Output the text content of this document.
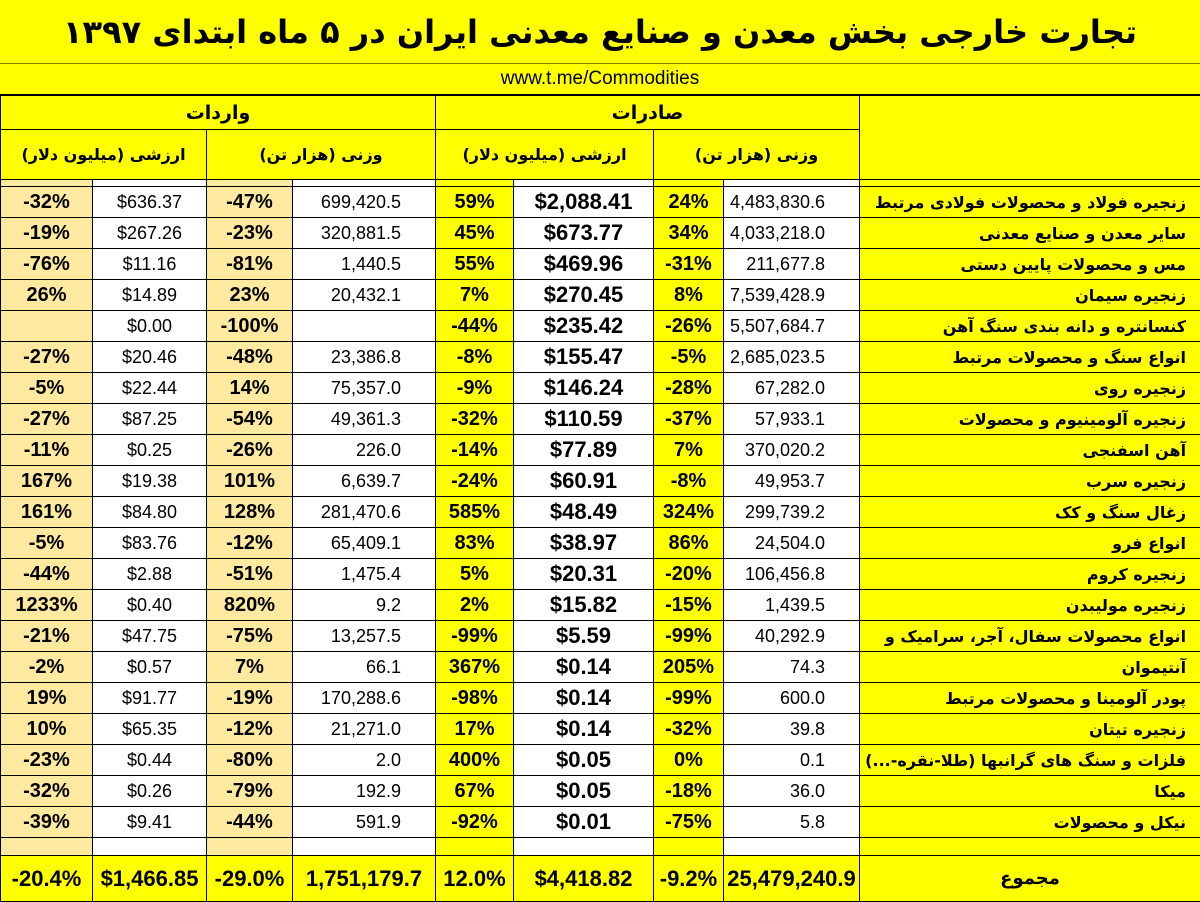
تجارت خارجی بخش معدن و صنایع معدنی ایران در ۵ ماه ابتدای ۱۳۹۷
www.t.me/Commodities
واردات				صادرات				
ارزشی (میلیون دلار)		وزنی (هزار تن)		ارزشی (میلیون دلار)		وزنی (هزار تن)		

-32%	$636.37	-47%	699,420.5	59%	$2,088.41	24%	4,483,830.6	زنجیره فولاد و محصولات فولادی مرتبط
-19%	$267.26	-23%	320,881.5	45%	$673.77	34%	4,033,218.0	سایر معدن و صنایع معدنی
-76%	$11.16	-81%	1,440.5	55%	$469.96	-31%	211,677.8	مس و محصولات پایین دستی
26%	$14.89	23%	20,432.1	7%	$270.45	8%	7,539,428.9	زنجیره سیمان
	$0.00	-100%		-44%	$235.42	-26%	5,507,684.7	کنسانتره و دانه بندی سنگ آهن
-27%	$20.46	-48%	23,386.8	-8%	$155.47	-5%	2,685,023.5	انواع سنگ و محصولات مرتبط
-5%	$22.44	14%	75,357.0	-9%	$146.24	-28%	67,282.0	زنجیره روی
-27%	$87.25	-54%	49,361.3	-32%	$110.59	-37%	57,933.1	زنجیره آلومینیوم و محصولات
-11%	$0.25	-26%	226.0	-14%	$77.89	7%	370,020.2	آهن اسفنجی
167%	$19.38	101%	6,639.7	-24%	$60.91	-8%	49,953.7	زنجیره سرب
161%	$84.80	128%	281,470.6	585%	$48.49	324%	299,739.2	زغال سنگ و کک
-5%	$83.76	-12%	65,409.1	83%	$38.97	86%	24,504.0	انواع فرو
-44%	$2.88	-51%	1,475.4	5%	$20.31	-20%	106,456.8	زنجیره کروم
1233%	$0.40	820%	9.2	2%	$15.82	-15%	1,439.5	زنجیره مولیبدن
-21%	$47.75	-75%	13,257.5	-99%	$5.59	-99%	40,292.9	انواع محصولات سفال، آجر، سرامیک و
-2%	$0.57	7%	66.1	367%	$0.14	205%	74.3	آنتیموان
19%	$91.77	-19%	170,288.6	-98%	$0.14	-99%	600.0	پودر آلومینا و محصولات مرتبط
10%	$65.35	-12%	21,271.0	17%	$0.14	-32%	39.8	زنجیره تیتان
-23%	$0.44	-80%	2.0	400%	$0.05	0%	0.1	فلزات و سنگ های گرانبها (طلا-نقره-...)
-32%	$0.26	-79%	192.9	67%	$0.05	-18%	36.0	میکا
-39%	$9.41	-44%	591.9	-92%	$0.01	-75%	5.8	نیکل و محصولات

-20.4%	$1,466.85	-29.0%	1,751,179.7	12.0%	$4,418.82	-9.2%	25,479,240.9	مجموع
